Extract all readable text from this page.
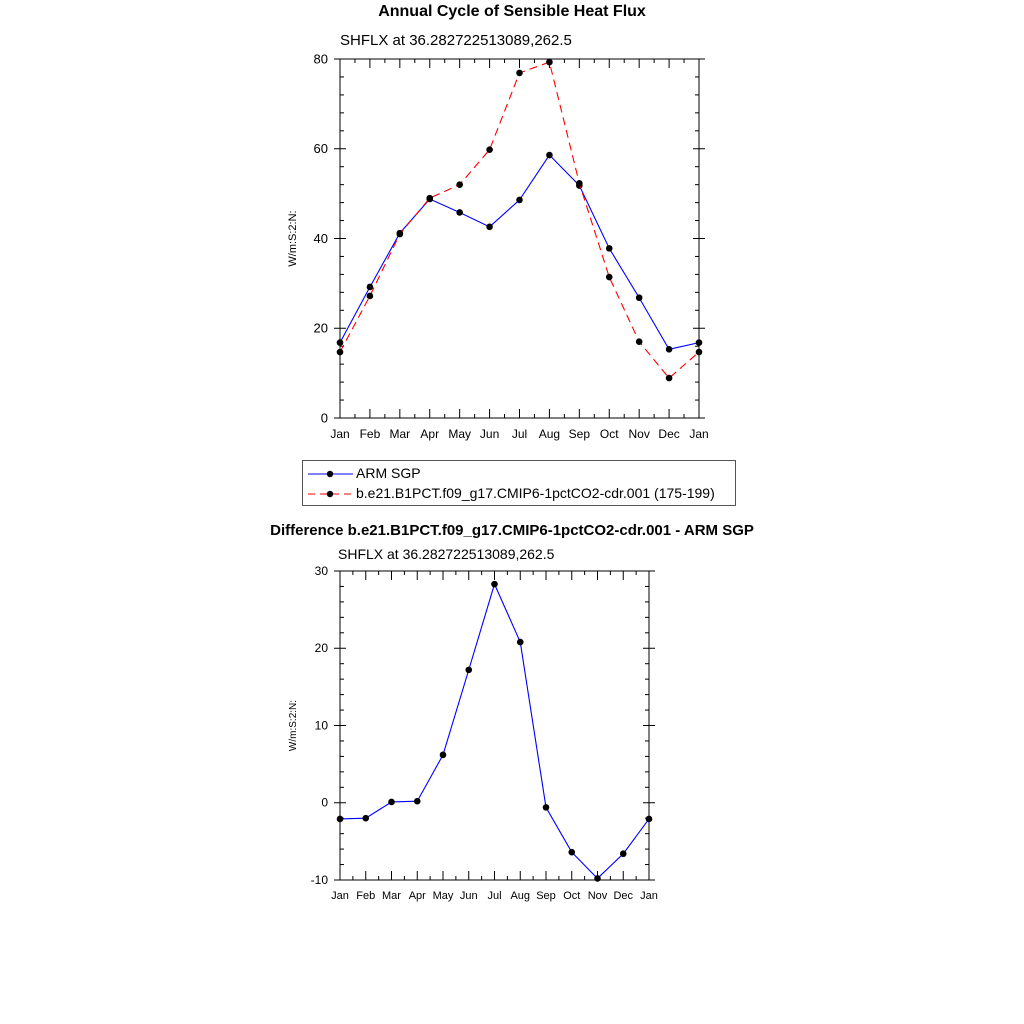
Annual Cycle of Sensible Heat Flux
SHFLX at 36.282722513089,262.5
Jan Feb Mar Apr May Jun Jul Aug Sep Oct Nov Dec Jan
0
20
40
60
80
W/m:S:2:N:
ARM SGP
b.e21.B1PCT.f09_g17.CMIP6-1pctCO2-cdr.001 (175-199)
Difference b.e21.B1PCT.f09_g17.CMIP6-1pctCO2-cdr.001 - ARM SGP
SHFLX at 36.282722513089,262.5
Jan Feb Mar Apr May Jun Jul Aug Sep Oct Nov Dec Jan
-10
0
10
20
30
W/m:S:2:N:
